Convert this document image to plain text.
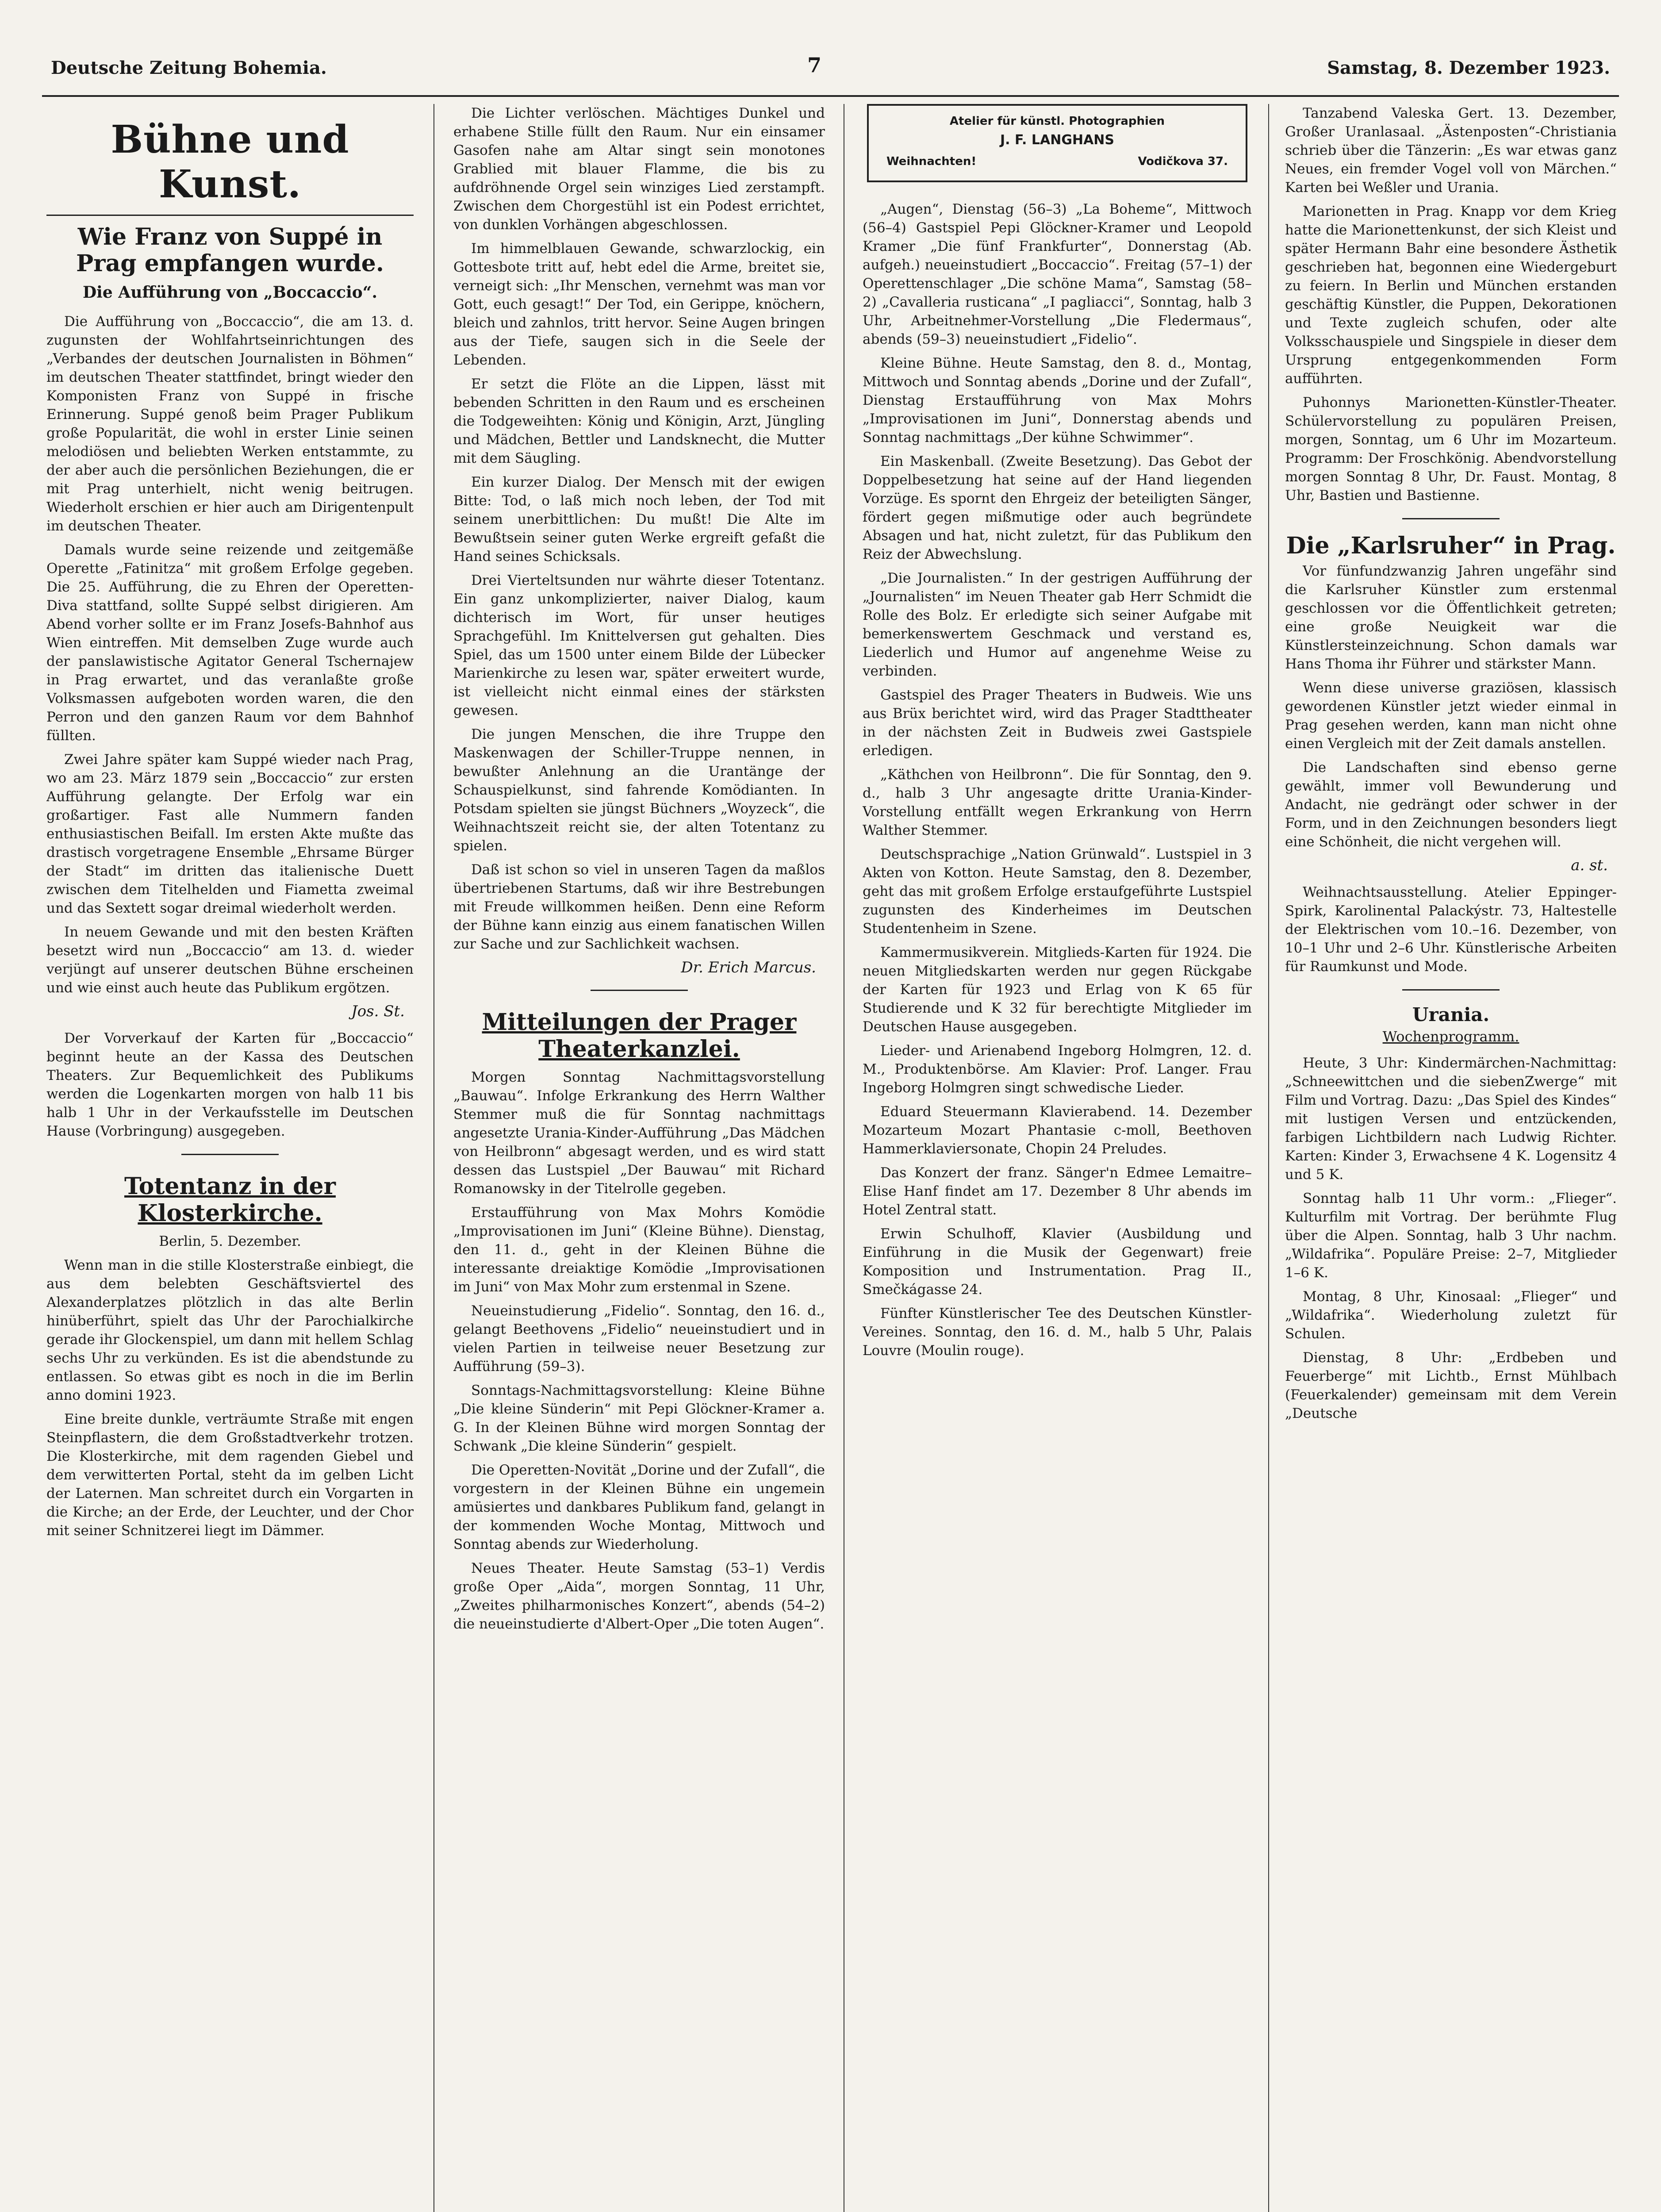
Deutsche Zeitung Bohemia.	7	Samstag, 8. Dezember 1923.
Bühne und Kunst.
Wie Franz von Suppé in Prag empfangen wurde.
Die Aufführung von „Boccaccio“.

Die Aufführung von „Boccaccio“, die am 13. d. zugunsten der Wohlfahrtseinrichtungen des „Verbandes der deutschen Journalisten in Böhmen“ im deutschen Theater stattfindet, bringt wieder den Komponisten Franz von Suppé in frische Erinnerung. Suppé genoß beim Prager Publikum große Popularität, die wohl in erster Linie seinen melodiösen und beliebten Werken entstammte, zu der aber auch die persönlichen Beziehungen, die er mit Prag unterhielt, nicht wenig beitrugen. Wiederholt erschien er hier auch am Dirigentenpult im deutschen Theater.

Damals wurde seine reizende und zeitgemäße Operette „Fatinitza“ mit großem Erfolge gegeben. Die 25. Aufführung, die zu Ehren der Operetten-Diva stattfand, sollte Suppé selbst dirigieren. Am Abend vorher sollte er im Franz Josefs-Bahnhof aus Wien eintreffen. Mit demselben Zuge wurde auch der panslawistische Agitator General Tschernajew in Prag erwartet, und das veranlaßte große Volksmassen aufgeboten worden waren, die den Perron und den ganzen Raum vor dem Bahnhof füllten.

Zwei Jahre später kam Suppé wieder nach Prag, wo am 23. März 1879 sein „Boccaccio“ zur ersten Aufführung gelangte. Der Erfolg war ein großartiger. Fast alle Nummern fanden enthusiastischen Beifall. Im ersten Akte mußte das drastisch vorgetragene Ensemble „Ehrsame Bürger der Stadt“ im dritten das italienische Duett zwischen dem Titelhelden und Fiametta zweimal und das Sextett sogar dreimal wiederholt werden.

In neuem Gewande und mit den besten Kräften besetzt wird nun „Boccaccio“ am 13. d. wieder verjüngt auf unserer deutschen Bühne erscheinen und wie einst auch heute das Publikum ergötzen.

Jos. St.

Der Vorverkauf der Karten für „Boccaccio“ beginnt heute an der Kassa des Deutschen Theaters. Zur Bequemlichkeit des Publikums werden die Logenkarten morgen von halb 11 bis halb 1 Uhr in der Verkaufsstelle im Deutschen Hause (Vorbringung) ausgegeben.

Totentanz in der Klosterkirche.

Berlin, 5. Dezember.

Wenn man in die stille Klosterstraße einbiegt, die aus dem belebten Geschäftsviertel des Alexanderplatzes plötzlich in das alte Berlin hinüberführt, spielt das Uhr der Parochialkirche gerade ihr Glockenspiel, um dann mit hellem Schlag sechs Uhr zu verkünden. Es ist die abendstunde zu entlassen. So etwas gibt es noch in die im Berlin anno domini 1923.

Eine breite dunkle, verträumte Straße mit engen Steinpflastern, die dem Großstadtverkehr trotzen. Die Klosterkirche, mit dem ragenden Giebel und dem verwitterten Portal, steht da im gelben Licht der Laternen. Man schreitet durch ein Vorgarten in die Kirche; an der Erde, der Leuchter, und der Chor mit seiner Schnitzerei liegt im Dämmer.

Die Lichter verlöschen. Mächtiges Dunkel und erhabene Stille füllt den Raum. Nur ein einsamer Gasofen nahe am Altar singt sein monotones Grablied mit blauer Flamme, die bis zu aufdröhnende Orgel sein winziges Lied zerstampft. Zwischen dem Chorgestühl ist ein Podest errichtet, von dunklen Vorhängen abgeschlossen.

Im himmelblauen Gewande, schwarzlockig, ein Gottesbote tritt auf, hebt edel die Arme, breitet sie, verneigt sich: „Ihr Menschen, vernehmt was man vor Gott, euch gesagt!“ Der Tod, ein Gerippe, knöchern, bleich und zahnlos, tritt hervor. Seine Augen bringen aus der Tiefe, saugen sich in die Seele der Lebenden.

Er setzt die Flöte an die Lippen, lässt mit bebenden Schritten in den Raum und es erscheinen die Todgeweihten: König und Königin, Arzt, Jüngling und Mädchen, Bettler und Landsknecht, die Mutter mit dem Säugling.

Ein kurzer Dialog. Der Mensch mit der ewigen Bitte: Tod, o laß mich noch leben, der Tod mit seinem unerbittlichen: Du mußt! Die Alte im Bewußtsein seiner guten Werke ergreift gefaßt die Hand seines Schicksals.

Drei Vierteltsunden nur währte dieser Totentanz. Ein ganz unkomplizierter, naiver Dialog, kaum dichterisch im Wort, für unser heutiges Sprachgefühl. Im Knittelversen gut gehalten. Dies Spiel, das um 1500 unter einem Bilde der Lübecker Marienkirche zu lesen war, später erweitert wurde, ist vielleicht nicht einmal eines der stärksten gewesen.

Die jungen Menschen, die ihre Truppe den Maskenwagen der Schiller-Truppe nennen, in bewußter Anlehnung an die Urantänge der Schauspielkunst, sind fahrende Komödianten. In Potsdam spielten sie jüngst Büchners „Woyzeck“, die Weihnachtszeit reicht sie, der alten Totentanz zu spielen.

Daß ist schon so viel in unseren Tagen da maßlos übertriebenen Startums, daß wir ihre Bestrebungen mit Freude willkommen heißen. Denn eine Reform der Bühne kann einzig aus einem fanatischen Willen zur Sache und zur Sachlichkeit wachsen.

Dr. Erich Marcus.
Mitteilungen der Prager Theaterkanzlei.

Morgen Sonntag Nachmittagsvorstellung „Bauwau“. Infolge Erkrankung des Herrn Walther Stemmer muß die für Sonntag nachmittags angesetzte Urania-Kinder-Aufführung „Das Mädchen von Heilbronn“ abgesagt werden, und es wird statt dessen das Lustspiel „Der Bauwau“ mit Richard Romanowsky in der Titelrolle gegeben.

Erstaufführung von Max Mohrs Komödie „Improvisationen im Juni“ (Kleine Bühne). Dienstag, den 11. d., geht in der Kleinen Bühne die interessante dreiaktige Komödie „Improvisationen im Juni“ von Max Mohr zum erstenmal in Szene.

Neueinstudierung „Fidelio“. Sonntag, den 16. d., gelangt Beethovens „Fidelio“ neueinstudiert und in vielen Partien in teilweise neuer Besetzung zur Aufführung (59–3).

Sonntags-Nachmittagsvorstellung: Kleine Bühne „Die kleine Sünderin“ mit Pepi Glöckner-Kramer a. G. In der Kleinen Bühne wird morgen Sonntag der Schwank „Die kleine Sünderin“ gespielt.

Die Operetten-Novität „Dorine und der Zufall“, die vorgestern in der Kleinen Bühne ein ungemein amüsiertes und dankbares Publikum fand, gelangt in der kommenden Woche Montag, Mittwoch und Sonntag abends zur Wiederholung.

Neues Theater. Heute Samstag (53–1) Verdis große Oper „Aida“, morgen Sonntag, 11 Uhr, „Zweites philharmonisches Konzert“, abends (54–2) die neueinstudierte d'Albert-Oper „Die toten Augen“.

Atelier für künstl. Photographien
J. F. LANGHANS
Weihnachten!	Vodičkova 37.

„Augen“, Dienstag (56–3) „La Boheme“, Mittwoch (56–4) Gastspiel Pepi Glöckner-Kramer und Leopold Kramer „Die fünf Frankfurter“, Donnerstag (Ab. aufgeh.) neueinstudiert „Boccaccio“. Freitag (57–1) der Operettenschlager „Die schöne Mama“, Samstag (58–2) „Cavalleria rusticana“ „I pagliacci“, Sonntag, halb 3 Uhr, Arbeitnehmer-Vorstellung „Die Fledermaus“, abends (59–3) neueinstudiert „Fidelio“.

Kleine Bühne. Heute Samstag, den 8. d., Montag, Mittwoch und Sonntag abends „Dorine und der Zufall“, Dienstag Erstaufführung von Max Mohrs „Improvisationen im Juni“, Donnerstag abends und Sonntag nachmittags „Der kühne Schwimmer“.

Ein Maskenball. (Zweite Besetzung). Das Gebot der Doppelbesetzung hat seine auf der Hand liegenden Vorzüge. Es spornt den Ehrgeiz der beteiligten Sänger, fördert gegen mißmutige oder auch begründete Absagen und hat, nicht zuletzt, für das Publikum den Reiz der Abwechslung.

„Die Journalisten.“ In der gestrigen Aufführung der „Journalisten“ im Neuen Theater gab Herr Schmidt die Rolle des Bolz. Er erledigte sich seiner Aufgabe mit bemerkenswertem Geschmack und verstand es, Liederlich und Humor auf angenehme Weise zu verbinden.

Gastspiel des Prager Theaters in Budweis. Wie uns aus Brüx berichtet wird, wird das Prager Stadttheater in der nächsten Zeit in Budweis zwei Gastspiele erledigen.

„Käthchen von Heilbronn“. Die für Sonntag, den 9. d., halb 3 Uhr angesagte dritte Urania-Kinder-Vorstellung entfällt wegen Erkrankung von Herrn Walther Stemmer.

Deutschsprachige „Nation Grünwald“. Lustspiel in 3 Akten von Kotton. Heute Samstag, den 8. Dezember, geht das mit großem Erfolge erstaufgeführte Lustspiel zugunsten des Kinderheimes im Deutschen Studentenheim in Szene.

Kammermusikverein. Mitglieds-Karten für 1924. Die neuen Mitgliedskarten werden nur gegen Rückgabe der Karten für 1923 und Erlag von K 65 für Studierende und K 32 für berechtigte Mitglieder im Deutschen Hause ausgegeben.

Lieder- und Arienabend Ingeborg Holmgren, 12. d. M., Produktenbörse. Am Klavier: Prof. Langer. Frau Ingeborg Holmgren singt schwedische Lieder.

Eduard Steuermann Klavierabend. 14. Dezember Mozarteum Mozart Phantasie c-moll, Beethoven Hammerklaviersonate, Chopin 24 Preludes.

Das Konzert der franz. Sänger'n Edmee Lemaitre–Elise Hanf findet am 17. Dezember 8 Uhr abends im Hotel Zentral statt.

Erwin Schulhoff, Klavier (Ausbildung und Einführung in die Musik der Gegenwart) freie Komposition und Instrumentation. Prag II., Smečkágasse 24.

Fünfter Künstlerischer Tee des Deutschen Künstler-Vereines. Sonntag, den 16. d. M., halb 5 Uhr, Palais Louvre (Moulin rouge).

Tanzabend Valeska Gert. 13. Dezember, Großer Uranlasaal. „Ästenposten“-Christiania schrieb über die Tänzerin: „Es war etwas ganz Neues, ein fremder Vogel voll von Märchen.“ Karten bei Weßler und Urania.

Marionetten in Prag. Knapp vor dem Krieg hatte die Marionettenkunst, der sich Kleist und später Hermann Bahr eine besondere Ästhetik geschrieben hat, begonnen eine Wiedergeburt zu feiern. In Berlin und München erstanden geschäftig Künstler, die Puppen, Dekorationen und Texte zugleich schufen, oder alte Volksschauspiele und Singspiele in dieser dem Ursprung entgegenkommenden Form aufführten.

Puhonnys Marionetten-Künstler-Theater. Schülervorstellung zu populären Preisen, morgen, Sonntag, um 6 Uhr im Mozarteum. Programm: Der Froschkönig. Abendvorstellung morgen Sonntag 8 Uhr, Dr. Faust. Montag, 8 Uhr, Bastien und Bastienne.

Die „Karlsruher“ in Prag.

Vor fünfundzwanzig Jahren ungefähr sind die Karlsruher Künstler zum erstenmal geschlossen vor die Öffentlichkeit getreten; eine große Neuigkeit war die Künstlersteinzeichnung. Schon damals war Hans Thoma ihr Führer und stärkster Mann.

Wenn diese universe graziösen, klassisch gewordenen Künstler jetzt wieder einmal in Prag gesehen werden, kann man nicht ohne einen Vergleich mit der Zeit damals anstellen.

Die Landschaften sind ebenso gerne gewählt, immer voll Bewunderung und Andacht, nie gedrängt oder schwer in der Form, und in den Zeichnungen besonders liegt eine Schönheit, die nicht vergehen will.

a. st.

Weihnachtsausstellung. Atelier Eppinger-Spirk, Karolinental Palackýstr. 73, Haltestelle der Elektrischen vom 10.–16. Dezember, von 10–1 Uhr und 2–6 Uhr. Künstlerische Arbeiten für Raumkunst und Mode.

Urania.
Wochenprogramm.

Heute, 3 Uhr: Kindermärchen-Nachmittag: „Schneewittchen und die siebenZwerge“ mit Film und Vortrag. Dazu: „Das Spiel des Kindes“ mit lustigen Versen und entzückenden, farbigen Lichtbildern nach Ludwig Richter. Karten: Kinder 3, Erwachsene 4 K. Logensitz 4 und 5 K.

Sonntag halb 11 Uhr vorm.: „Flieger“. Kulturfilm mit Vortrag. Der berühmte Flug über die Alpen. Sonntag, halb 3 Uhr nachm. „Wildafrika“. Populäre Preise: 2–7, Mitglieder 1–6 K.

Montag, 8 Uhr, Kinosaal: „Flieger“ und „Wildafrika“. Wiederholung zuletzt für Schulen.

Dienstag, 8 Uhr: „Erdbeben und Feuerberge“ mit Lichtb., Ernst Mühlbach (Feuerkalender) gemeinsam mit dem Verein „Deutsche
